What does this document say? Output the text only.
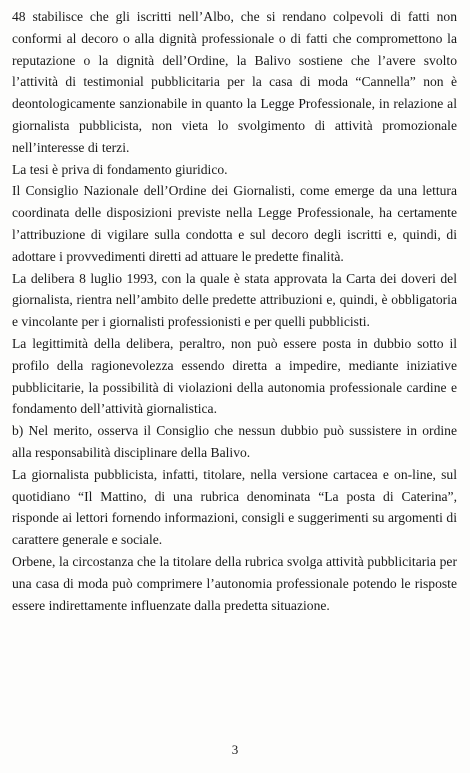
48 stabilisce che gli iscritti nell’Albo, che si rendano colpevoli di fatti non conformi al decoro o alla dignità professionale o di fatti che compromettono la reputazione o la dignità dell’Ordine, la Balivo sostiene che l’avere svolto l’attività di testimonial pubblicitaria per la casa di moda “Cannella” non è deontologicamente sanzionabile in quanto la Legge Professionale, in relazione al giornalista pubblicista, non vieta lo svolgimento di attività promozionale nell’interesse di terzi.

La tesi è priva di fondamento giuridico.

Il Consiglio Nazionale dell’Ordine dei Giornalisti, come emerge da una lettura coordinata delle disposizioni previste nella Legge Professionale, ha certamente l’attribuzione di vigilare sulla condotta e sul decoro degli iscritti e, quindi, di adottare i provvedimenti diretti ad attuare le predette finalità.

La delibera 8 luglio 1993, con la quale è stata approvata la Carta dei doveri del giornalista, rientra nell’ambito delle predette attribuzioni e, quindi, è obbligatoria e vincolante per i giornalisti professionisti e per quelli pubblicisti.

La legittimità della delibera, peraltro, non può essere posta in dubbio sotto il profilo della ragionevolezza essendo diretta a impedire, mediante iniziative pubblicitarie, la possibilità di violazioni della autonomia professionale cardine e fondamento dell’attività giornalistica.

b) Nel merito, osserva il Consiglio che nessun dubbio può sussistere in ordine alla responsabilità disciplinare della Balivo.

La giornalista pubblicista, infatti, titolare, nella versione cartacea e on-line, sul quotidiano “Il Mattino, di una rubrica denominata “La posta di Caterina”, risponde ai lettori fornendo informazioni, consigli e suggerimenti su argomenti di carattere generale e sociale.

Orbene, la circostanza che la titolare della rubrica svolga attività pubblicitaria per una casa di moda può comprimere l’autonomia professionale potendo le risposte essere indirettamente influenzate dalla predetta situazione.

3
